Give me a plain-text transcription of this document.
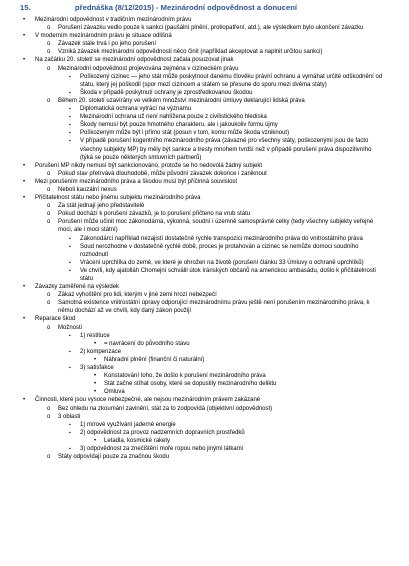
15.	přednáška (8/12/2015) - Mezinárodní odpovědnost a donucení
• Mezinárodní odpovědnost v tradičním mezinárodním právu
o Porušení závazku vedlo pouze k sankci (paušální plnění, protiopatření, atd.), ale výsledkem bylo ukončení závazku
• V moderním mezinárodním právu je situace odlišná
o Závazek stále trvá i po jeho porušení
o Vzniká závazek mezinárodní odpovědnosti něco činit (například akceptovat a naplnit určitou sankci)
• Na začátku 20. století se mezinárodní odpovědnost začala posuzovat jinak
o Mezinárodní odpovědnost projevována zejména v cizineckém právu
▪ Poškozený cizinec — jeho stát může poskytnout danému člověku právní ochranu a vymáhat určité odškodnění od státu, který jej poškodil (spor mezi cizincem a státem se přesune do sporu mezi dvěma státy)
▪ Škoda v případě poskytnutí ochrany je zprostředkovanou škodou
o Během 20. století uzavírány ve velkém množství mezinárodní úmluvy deklarující lidská práva
▪ Diplomatická ochrana vytrácí na významu
▪ Mezinárodní ochrana už není nahlížena pouze z civilistického hlediska
▪ Škody nemusí být pouze hmotného charakteru, ale i jakoukoliv formu újmy
▪ Poškozeným může být i přímo stát (posun v tom, komu může škoda vzniknout)
▪ V případě porušení kogentního mezinárodního práva (závazné pro všechny státy, poškozenými jsou de facto všechny subjekty MP) by měly být sankce a tresty mnohem tvrdší než v případě porušení práva dispozitivního (týká se pouze některých smluvních partnerů)
• Porušení MP nikdy nemusí být sankcionováno, protože se ho nedovolá žádný subjekt
o Pokud stav přetrvává dlouhodobě, může původní závazek dokonce i zaniknout
• Mezi porušením mezinárodního práva a škodou musí být příčinná souvislost
o Neboli kauzální nexus
• Přičitatelnost státu nebo jinému subjektu mezinárodního práva
o Za stát jednají jeho představitelé
o Pokud dochází k porušení závazků, je to porušení přičteno na vrub státu
o Porušení může učinit moc zákonodárná, výkonná, soudní i územně samosprávné celky (tedy všechny subjekty veřejné moci, ale i moci státní)
▪ Zákonodárci například nezajistí dostatečně rychle transpozici mezinárodního práva do vnitrostátního práva
▪ Soud nerozhodne v dostatečně rychlé době, proces je protahován a cizinec se nemůže domoci soudního rozhodnutí
▪ Vrácení uprchlíka do země, ve které je ohrožen na životě (porušení článku 33 Úmluvy o ochraně uprchlíků)
▪ Ve chvíli, kdy ajatolláh Chomejní schválil útok íránských občanů na americkou ambasádu, došlo k přičitatelnosti státu
• Závazky zaměřené na výsledek
o Zákaz vyhoštění pro lidi, kterým v jiné zemi hrozí nebezpečí
o Samotná existence vnitrostátní úpravy odporující mezinárodnímu právu ještě není porušením mezinárodního práva, k němu dochází až ve chvíli, kdy daný zákon použijí
• Reparace škod
o Možnosti
▪ 1) restituce
• = navrácení do původního stavu
▪ 2) kompenzace
• Náhradní plnění (finanční či naturální)
▪ 3) satisfakce
• Konstatování toho, že došlo k porušení mezinárodního práva
• Stát začne stíhat osoby, které se dopustily mezinárodního deliktu
• Omluva
• Činnosti, které jsou vysoce nebezpečné, ale nejsou mezinárodním právem zakázané
o Bez ohledu na zkoumání zavinění, stát za to zodpovídá (objektivní odpovědnost)
o 3 oblasti
▪ 1) mírové využívání jaderné energie
▪ 2) odpovědnost za provoz nadzemních dopravních prostředků
• Letadla, kosmické rakety
▪ 3) odpovědnost za znečištění moře ropou nebo jinými látkami
o Státy odpovídají pouze za značnou škodu
